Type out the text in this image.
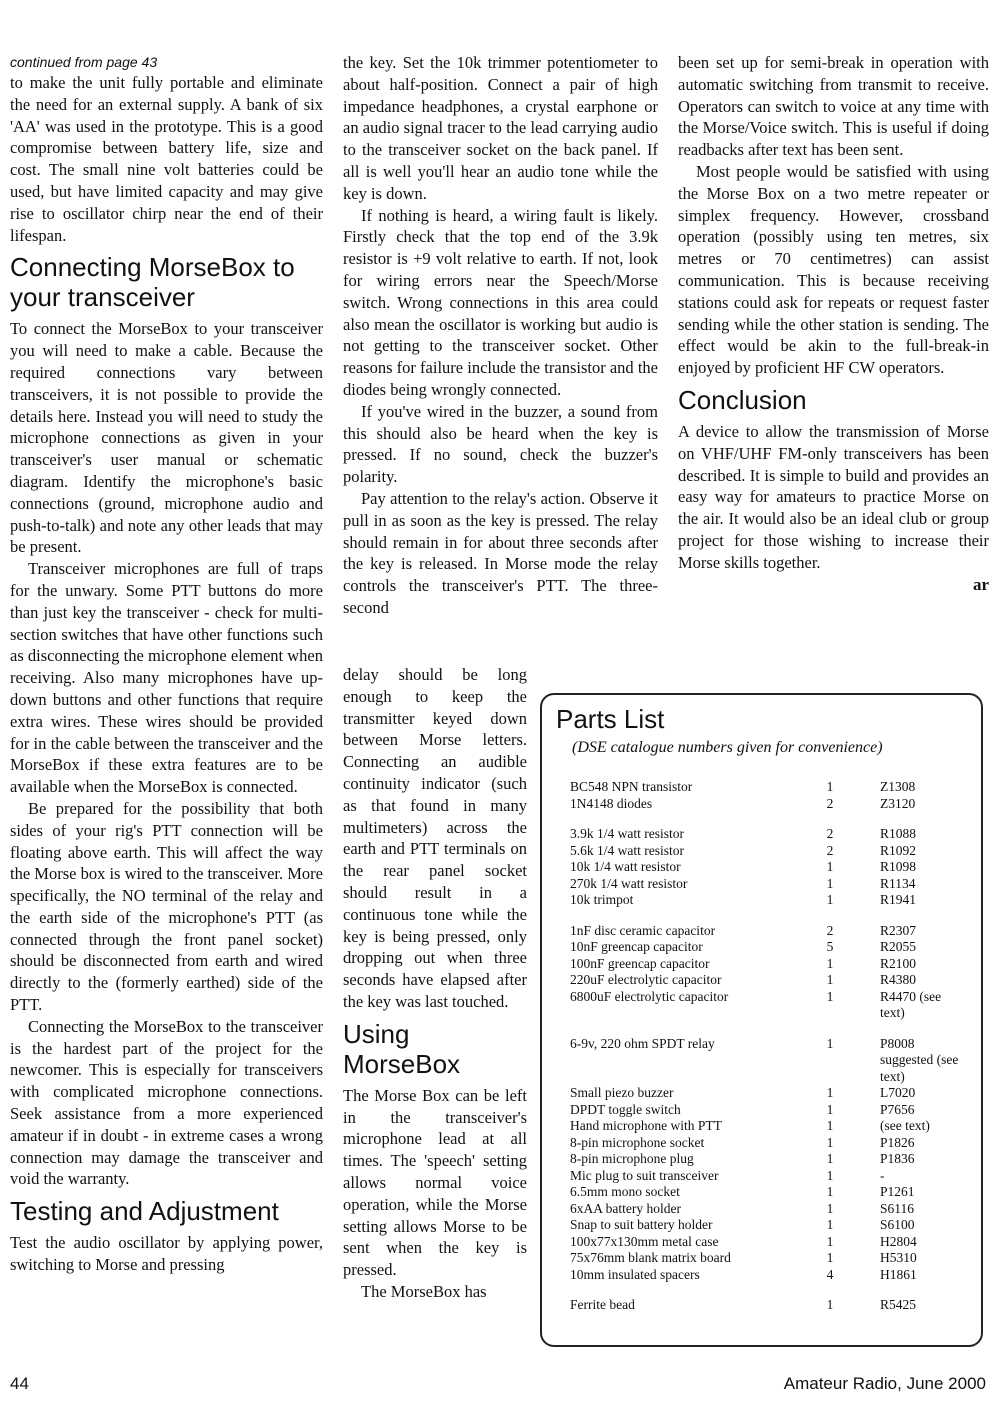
continued from page 43

to make the unit fully portable and eliminate the need for an external supply. A bank of six 'AA' was used in the prototype. This is a good compromise between battery life, size and cost. The small nine volt batteries could be used, but have limited capacity and may give rise to oscillator chirp near the end of their lifespan.

Connecting MorseBox to your transceiver

To connect the MorseBox to your transceiver you will need to make a cable. Because the required connections vary between transceivers, it is not possible to provide the details here. Instead you will need to study the microphone connections as given in your transceiver's user manual or schematic diagram. Identify the microphone's basic connections (ground, microphone audio and push-to-talk) and note any other leads that may be present.

Transceiver microphones are full of traps for the unwary. Some PTT buttons do more than just key the transceiver - check for multi-section switches that have other functions such as disconnecting the microphone element when receiving. Also many microphones have up-down buttons and other functions that require extra wires. These wires should be provided for in the cable between the transceiver and the MorseBox if these extra features are to be available when the MorseBox is connected.

Be prepared for the possibility that both sides of your rig's PTT connection will be floating above earth. This will affect the way the Morse box is wired to the transceiver. More specifically, the NO terminal of the relay and the earth side of the microphone's PTT (as connected through the front panel socket) should be disconnected from earth and wired directly to the (formerly earthed) side of the PTT.

Connecting the MorseBox to the transceiver is the hardest part of the project for the newcomer. This is especially for transceivers with complicated microphone connections. Seek assistance from a more experienced amateur if in doubt - in extreme cases a wrong connection may damage the transceiver and void the warranty.

Testing and Adjustment

Test the audio oscillator by applying power, switching to Morse and pressing

the key. Set the 10k trimmer potentiometer to about half-position. Connect a pair of high impedance headphones, a crystal earphone or an audio signal tracer to the lead carrying audio to the transceiver socket on the back panel. If all is well you'll hear an audio tone while the key is down.

If nothing is heard, a wiring fault is likely. Firstly check that the top end of the 3.9k resistor is +9 volt relative to earth. If not, look for wiring errors near the Speech/Morse switch. Wrong connections in this area could also mean the oscillator is working but audio is not getting to the transceiver socket. Other reasons for failure include the transistor and the diodes being wrongly connected.

If you've wired in the buzzer, a sound from this should also be heard when the key is pressed. If no sound, check the buzzer's polarity.

Pay attention to the relay's action. Observe it pull in as soon as the key is pressed. The relay should remain in for about three seconds after the key is released. In Morse mode the relay controls the transceiver's PTT. The three-second

delay should be long enough to keep the transmitter keyed down between Morse letters. Connecting an audible continuity indicator (such as that found in many multimeters) across the earth and PTT terminals on the rear panel socket should result in a continuous tone while the key is being pressed, only dropping out when three seconds have elapsed after the key was last touched.

Using MorseBox

The Morse Box can be left in the transceiver's microphone lead at all times. The 'speech' setting allows normal voice operation, while the Morse setting allows Morse to be sent when the key is pressed.

The MorseBox has

been set up for semi-break in operation with automatic switching from transmit to receive. Operators can switch to voice at any time with the Morse/Voice switch. This is useful if doing readbacks after text has been sent.

Most people would be satisfied with using the Morse Box on a two metre repeater or simplex frequency. However, crossband operation (possibly using ten metres, six metres or 70 centimetres) can assist communication. This is because receiving stations could ask for repeats or request faster sending while the other station is sending. The effect would be akin to the full-break-in enjoyed by proficient HF CW operators.

Conclusion

A device to allow the transmission of Morse on VHF/UHF FM-only transceivers has been described. It is simple to build and provides an easy way for amateurs to practice Morse on the air. It would also be an ideal club or group project for those wishing to increase their Morse skills together.

ar

Parts List
(DSE catalogue numbers given for convenience)
BC548 NPN transistor	1	Z1308
1N4148 diodes	2	Z3120
3.9k 1/4 watt resistor	2	R1088
5.6k 1/4 watt resistor	2	R1092
10k 1/4 watt resistor	1	R1098
270k 1/4 watt resistor	1	R1134
10k trimpot	1	R1941
1nF disc ceramic capacitor	2	R2307
10nF greencap capacitor	5	R2055
100nF greencap capacitor	1	R2100
220uF electrolytic capacitor	1	R4380
6800uF electrolytic capacitor	1	R4470 (see text)
6-9v, 220 ohm SPDT relay	1	P8008 suggested (see text)
Small piezo buzzer	1	L7020
DPDT toggle switch	1	P7656
Hand microphone with PTT	1	(see text)
8-pin microphone socket	1	P1826
8-pin microphone plug	1	P1836
Mic plug to suit transceiver	1	-
6.5mm mono socket	1	P1261
6xAA battery holder	1	S6116
Snap to suit battery holder	1	S6100
100x77x130mm metal case	1	H2804
75x76mm blank matrix board	1	H5310
10mm insulated spacers	4	H1861
Ferrite bead	1	R5425
44	Amateur Radio, June 2000
